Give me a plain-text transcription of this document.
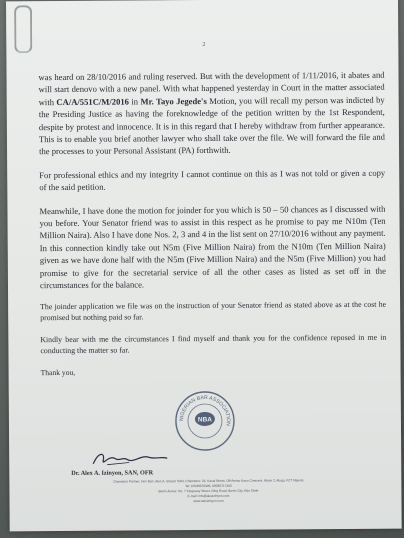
2

was heard on 28/10/2016 and ruling reserved. But with the development of 1/11/2016, it abates and will start denovo with a new panel. With what happened yesterday in Court in the matter associated with CA/A/551C/M/2016 in Mr. Tayo Jegede's Motion, you will recall my person was indicted by the Presiding Justice as having the foreknowledge of the petition written by the 1st Respondent, despite by protest and innocence. It is in this regard that I hereby withdraw from further appearance. This is to enable you brief another lawyer who shall take over the file. We will forward the file and the processes to your Personal Assistant (PA) forthwith.

For professional ethics and my integrity I cannot continue on this as I was not told or given a copy of the said petition.

Meanwhile, I have done the motion for joinder for you which is 50 – 50 chances as I discussed with you before. Your Senator friend was to assist in this respect as he promise to pay me N10m (Ten Million Naira). Also I have done Nos. 2, 3 and 4 in the list sent on 27/10/2016 without any payment. In this connection kindly take out N5m (Five Million Naira) from the N10m (Ten Million Naira) given as we have done half with the N5m (Five Million Naira) and the N5m (Five Million) you had promise to give for the secretarial service of all the other cases as listed as set off in the circumstances for the balance.

The joinder application we file was on the instruction of your Senator friend as stated above as at the cost he promised but nothing paid so far.

Kindly bear with me the circumstances I find myself and thank you for the confidence reposed in me in conducting the matter so far.

Thank you,

NIGERIAN BAR ASSOCIATION
NBA
Dr. Alex A. Izinyon, SAN, OFR
Chambers Partner: Hon Barr. Alex A. Izinyon SAN, Chambers: 23, Kasai Street, Off Aminu Kano Crescent, Wuse 2, Abuja, FCT Nigeria
Tel: 07038376395, 08035717493
Benin Annex: No. 7 Kingsway Street, Ring Road, Benin City, Edo State
E-mail: info@alexizinyon.com
www.alexizinyon.com
